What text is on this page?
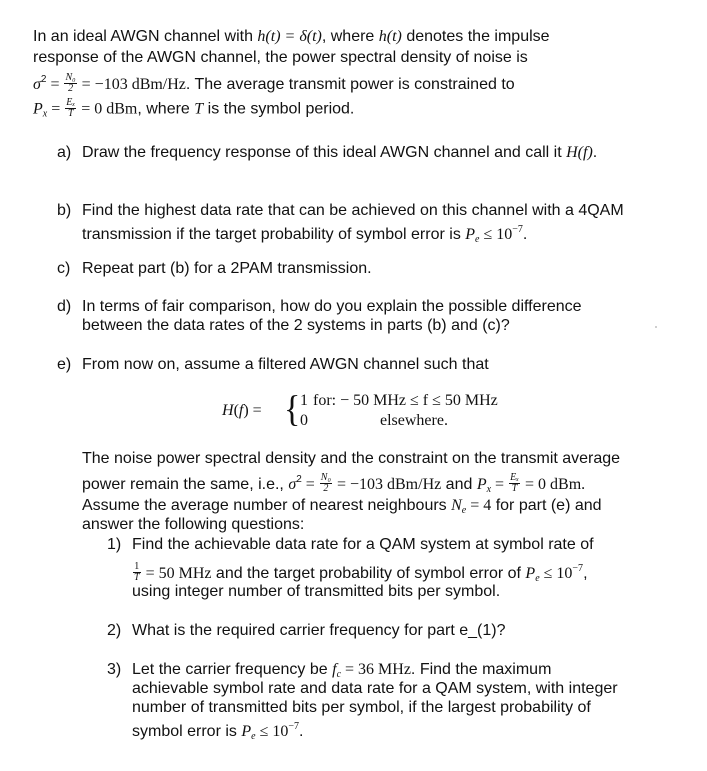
In an ideal AWGN channel with h(t) = δ(t), where h(t) denotes the impulse
response of the AWGN channel, the power spectral density of noise is
$\sigma^2 = \frac{\text{N₀}}{2} = -103$ dBm/Hz. The average transmit power is constrained to
$P_x = \frac{\text{Eₓ}}{T} = 0$ dBm, where T is the symbol period.
a) Draw the frequency response of this ideal AWGN channel and call it H(f).
b) Find the highest data rate that can be achieved on this channel with a 4QAM
transmission if the target probability of symbol error is $P_e \le 10^{-7}$.
c) Repeat part (b) for a 2PAM transmission.
d) In terms of fair comparison, how do you explain the possible difference
between the data rates of the 2 systems in parts (b) and (c)?
e) From now on, assume a filtered AWGN channel such that
H(f) = { 1
0
for: − 50 MHz ≤ f ≤ 50 MHz
elsewhere.
The noise power spectral density and the constraint on the transmit average
power remain the same, i.e., $\sigma^2 = \frac{\text{N₀}}{2} = -103$ dBm/Hz and $P_x = \frac{\text{Eₓ}}{T} = 0$ dBm.
Assume the average number of nearest neighbours $N_e = 4$ for part (e) and
answer the following questions:
1) Find the achievable data rate for a QAM system at symbol rate of
$\frac{1}{T} = 50$ MHz and the target probability of symbol error of $P_e \le 10^{-7}$,
using integer number of transmitted bits per symbol.
2) What is the required carrier frequency for part e_(1)?
3) Let the carrier frequency be $f_c = 36$ MHz. Find the maximum
achievable symbol rate and data rate for a QAM system, with integer
number of transmitted bits per symbol, if the largest probability of
symbol error is $P_e \le 10^{-7}$.
